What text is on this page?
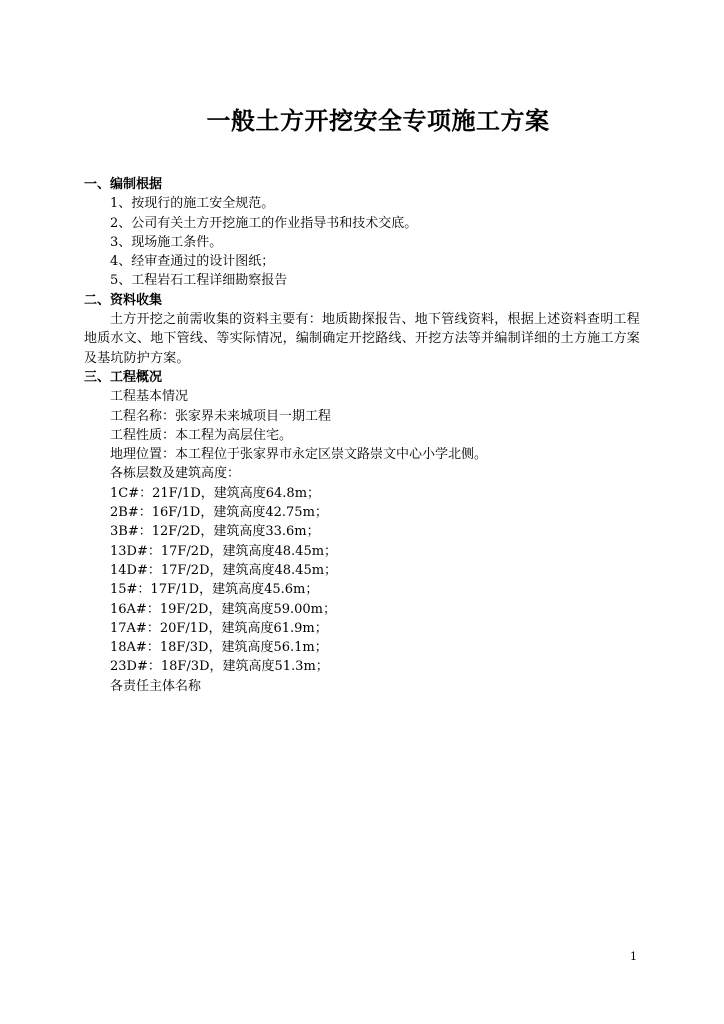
一般土方开挖安全专项施工方案
一、编制根据
1、按现行的施工安全规范。
2、公司有关土方开挖施工的作业指导书和技术交底。
3、现场施工条件。
4、经审查通过的设计图纸；
5、工程岩石工程详细勘察报告
二、资料收集
土方开挖之前需收集的资料主要有：地质勘探报告、地下管线资料，根据上述资料查明工程地质水文、地下管线、等实际情况，编制确定开挖路线、开挖方法等并编制详细的土方施工方案及基坑防护方案。
三、工程概况
工程基本情况
工程名称：张家界未来城项目一期工程
工程性质：本工程为高层住宅。
地理位置：本工程位于张家界市永定区崇文路崇文中心小学北侧。
各栋层数及建筑高度：
1C#：21F/1D，建筑高度64.8m；
2B#：16F/1D，建筑高度42.75m；
3B#：12F/2D，建筑高度33.6m；
13D#：17F/2D，建筑高度48.45m；
14D#：17F/2D，建筑高度48.45m；
15#：17F/1D，建筑高度45.6m；
16A#：19F/2D，建筑高度59.00m；
17A#：20F/1D，建筑高度61.9m；
18A#：18F/3D，建筑高度56.1m；
23D#：18F/3D，建筑高度51.3m；
各责任主体名称
1
